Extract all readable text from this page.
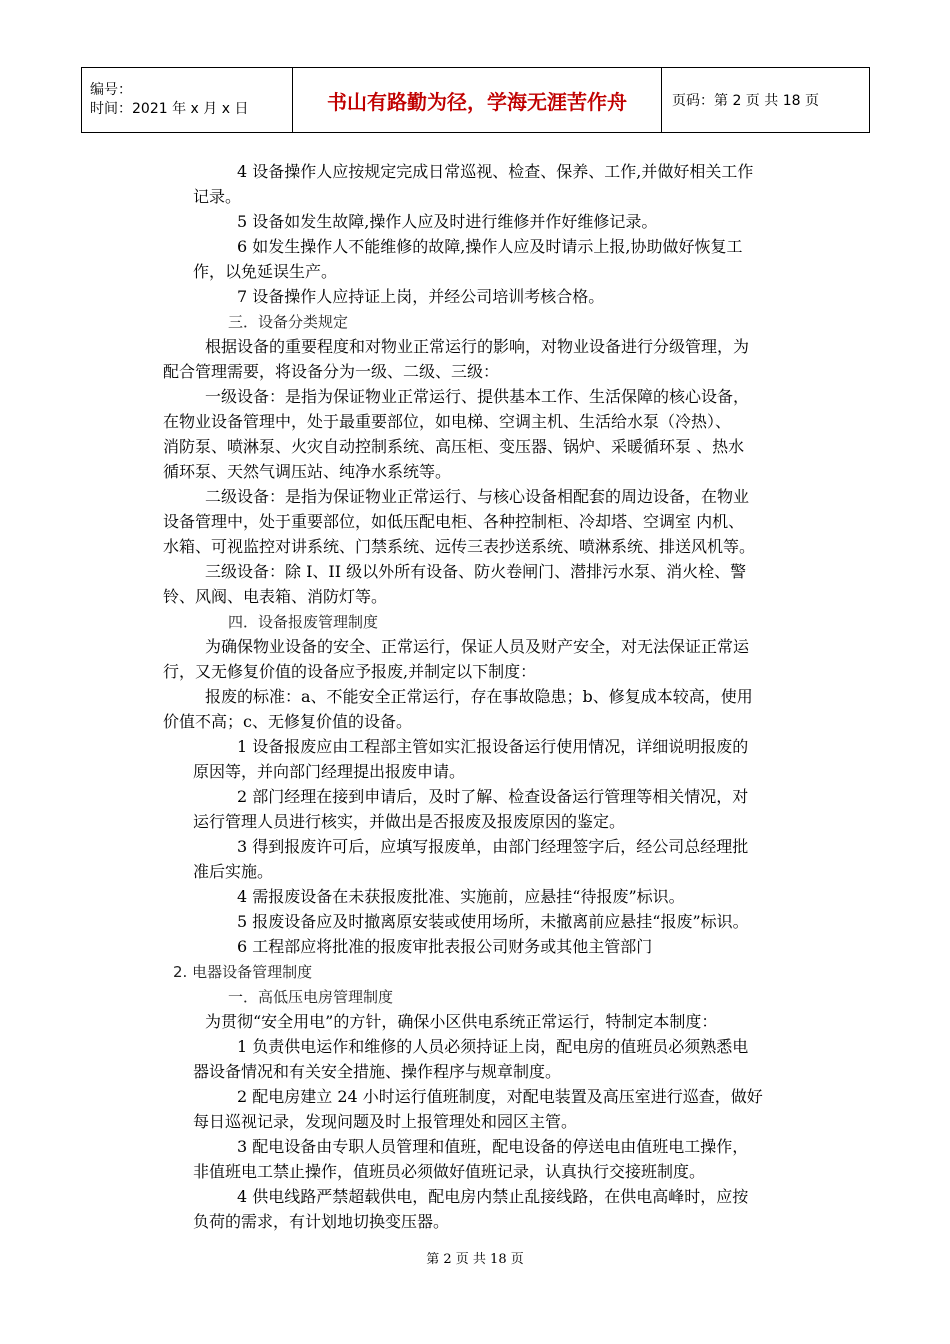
编号：
时间：2021 年 x 月 x 日	书山有路勤为径，学海无涯苦作舟	页码：第 2 页 共 18 页
4 设备操作人应按规定完成日常巡视、检查、保养、工作,并做好相关工作
记录。
5 设备如发生故障,操作人应及时进行维修并作好维修记录。
6 如发生操作人不能维修的故障,操作人应及时请示上报,协助做好恢复工
作，以免延误生产。
7 设备操作人应持证上岗，并经公司培训考核合格。
三．设备分类规定
根据设备的重要程度和对物业正常运行的影响，对物业设备进行分级管理，为
配合管理需要，将设备分为一级、二级、三级：
一级设备：是指为保证物业正常运行、提供基本工作、生活保障的核心设备，
在物业设备管理中，处于最重要部位，如电梯、空调主机、生活给水泵（冷热）、
消防泵、喷淋泵、火灾自动控制系统、高压柜、变压器、锅炉、采暖循环泵 、热水
循环泵、天然气调压站、纯净水系统等。
二级设备：是指为保证物业正常运行、与核心设备相配套的周边设备，在物业
设备管理中，处于重要部位，如低压配电柜、各种控制柜、冷却塔、空调室 内机、
水箱、可视监控对讲系统、门禁系统、远传三表抄送系统、喷淋系统、排送风机等。
三级设备：除 I、II 级以外所有设备、防火卷闸门、潜排污水泵、消火栓、警
铃、风阀、电表箱、消防灯等。
四．设备报废管理制度
为确保物业设备的安全、正常运行，保证人员及财产安全，对无法保证正常运
行，又无修复价值的设备应予报废,并制定以下制度：
报废的标准：a、不能安全正常运行，存在事故隐患；b、修复成本较高，使用
价值不高；c、无修复价值的设备。
1 设备报废应由工程部主管如实汇报设备运行使用情况，详细说明报废的
原因等，并向部门经理提出报废申请。
2 部门经理在接到申请后，及时了解、检查设备运行管理等相关情况，对
运行管理人员进行核实，并做出是否报废及报废原因的鉴定。
3 得到报废许可后，应填写报废单，由部门经理签字后，经公司总经理批
准后实施。
4 需报废设备在未获报废批准、实施前，应悬挂“待报废”标识。
5 报废设备应及时撤离原安装或使用场所，未撤离前应悬挂“报废”标识。
6 工程部应将批准的报废审批表报公司财务或其他主管部门
2. 电器设备管理制度
一．高低压电房管理制度
为贯彻“安全用电”的方针，确保小区供电系统正常运行，特制定本制度：
1 负责供电运作和维修的人员必须持证上岗，配电房的值班员必须熟悉电
器设备情况和有关安全措施、操作程序与规章制度。
2 配电房建立 24 小时运行值班制度，对配电装置及高压室进行巡查，做好
每日巡视记录，发现问题及时上报管理处和园区主管。
3 配电设备由专职人员管理和值班，配电设备的停送电由值班电工操作，
非值班电工禁止操作，值班员必须做好值班记录，认真执行交接班制度。
4 供电线路严禁超载供电，配电房内禁止乱接线路，在供电高峰时，应按
负荷的需求，有计划地切换变压器。
第 2 页 共 18 页
